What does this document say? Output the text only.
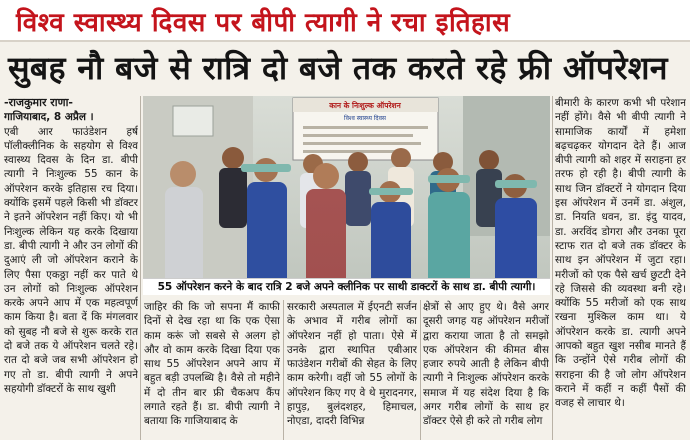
विश्व स्वास्थ्य दिवस पर बीपी त्यागी ने रचा इतिहास
सुबह नौ बजे से रात्रि दो बजे तक करते रहे फ्री ऑपरेशन

-राजकुमार राणा-

गाजियाबाद, 8 अप्रैल ।

एबी आर फाउंडेशन हर्ष पॉलीक्लीनिक के सहयोग से विश्व स्वास्थ्य दिवस के दिन डा. बीपी त्यागी ने निःशुल्क 55 कान के ऑपरेशन करके इतिहास रच दिया। क्योंकि इसमें पहले किसी भी डॉक्टर ने इतने ऑपरेशन नहीं किए। यो भी निःशुल्क लेकिन यह करके दिखाया डा. बीपी त्यागी ने और उन लोगों की दुआएं ली जो ऑपरेशन कराने के लिए पैसा एकठ्ठा नहीं कर पाते थे उन लोगों को निःशुल्क ऑपरेशन करके अपने आप में एक महत्वपूर्ण काम किया है। बता दें कि मंगलवार को सुबह नौ बजे से शुरू करके रात दो बजे तक ये ऑपरेशन चलते रहे। रात दो बजे जब सभी ऑपरेशन हो गए तो डा. बीपी त्यागी ने अपने सहयोगी डॉक्टरों के साथ खुशी

कान के निःशुल्क ऑपरेशन
विश्व स्वास्थ्य दिवस
55 ऑपरेशन करने के बाद रात्रि 2 बजे अपने क्लीनिक पर साथी डाक्टरों के साथ डा. बीपी त्यागी।

जाहिर की कि जो सपना मैं काफी दिनों से देख रहा था कि एक ऐसा काम करूं जो सबसे से अलग हो और वो काम करके दिखा दिया एक साथ 55 ऑपरेशन अपने आप में बहुत बड़ी उपलब्धि है। वैसे तो महीने में दो तीन बार फ्री चैकअप कैंप लगाते रहते हैं। डा. बीपी त्यागी ने बताया कि गाजियाबाद के

सरकारी अस्पताल में ईएनटी सर्जन के अभाव में गरीब लोगों का ऑपरेशन नहीं हो पाता। ऐसे में उनके द्वारा स्थापित एबीआर फाउंडेशन गरीबों की सेहत के लिए काम करेगी। वहीं जो 55 लोगों के ऑपरेशन किए गए वे थे मुरादनगर, हापुड़, बुलंदशहर, हिमाचल, नोएडा, दादरी विभिन्न

क्षेत्रों से आए हुए थे। वैसे अगर दूसरी जगह यह ऑपरेशन मरीजों द्वारा कराया जाता है तो समझो एक ऑपरेशन की कीमत बीस हजार रुपये आती है लेकिन बीपी त्यागी ने निःशुल्क ऑपरेशन करके समाज में यह संदेश दिया है कि अगर गरीब लोगों के साथ हर डॉक्टर ऐसे ही करे तो गरीब लोग

बीमारी के कारण कभी भी परेशान नहीं होंगे। वैसे भी बीपी त्यागी ने सामाजिक कार्यों में हमेशा बढ़चढ़कर योगदान देते हैं। आज बीपी त्यागी को शहर में सराहना हर तरफ हो रही है। बीपी त्यागी के साथ जिन डॉक्टरों ने योगदान दिया इस ऑपरेशन में उनमें डा. अंशुल, डा. नियति धवन, डा. इंदु यादव, डा. अरविंद डोगरा और उनका पूरा स्टाफ रात दो बजे तक डॉक्टर के साथ इन ऑपरेशन में जुटा रहा। मरीजों को एक पैसे खर्च छुटटी देने रहे जिससे की व्यवस्था बनी रहे। क्योंकि 55 मरीजों को एक साथ रखना मुश्किल काम था। ये ऑपरेशन करके डा. त्यागी अपने आपको बहुत खुश नसीब मानते हैं कि उन्होंने ऐसे गरीब लोगों की सराहना की है जो लोग ऑपरेशन कराने में कहीं न कहीं पैसों की वजह से लाचार थे।
